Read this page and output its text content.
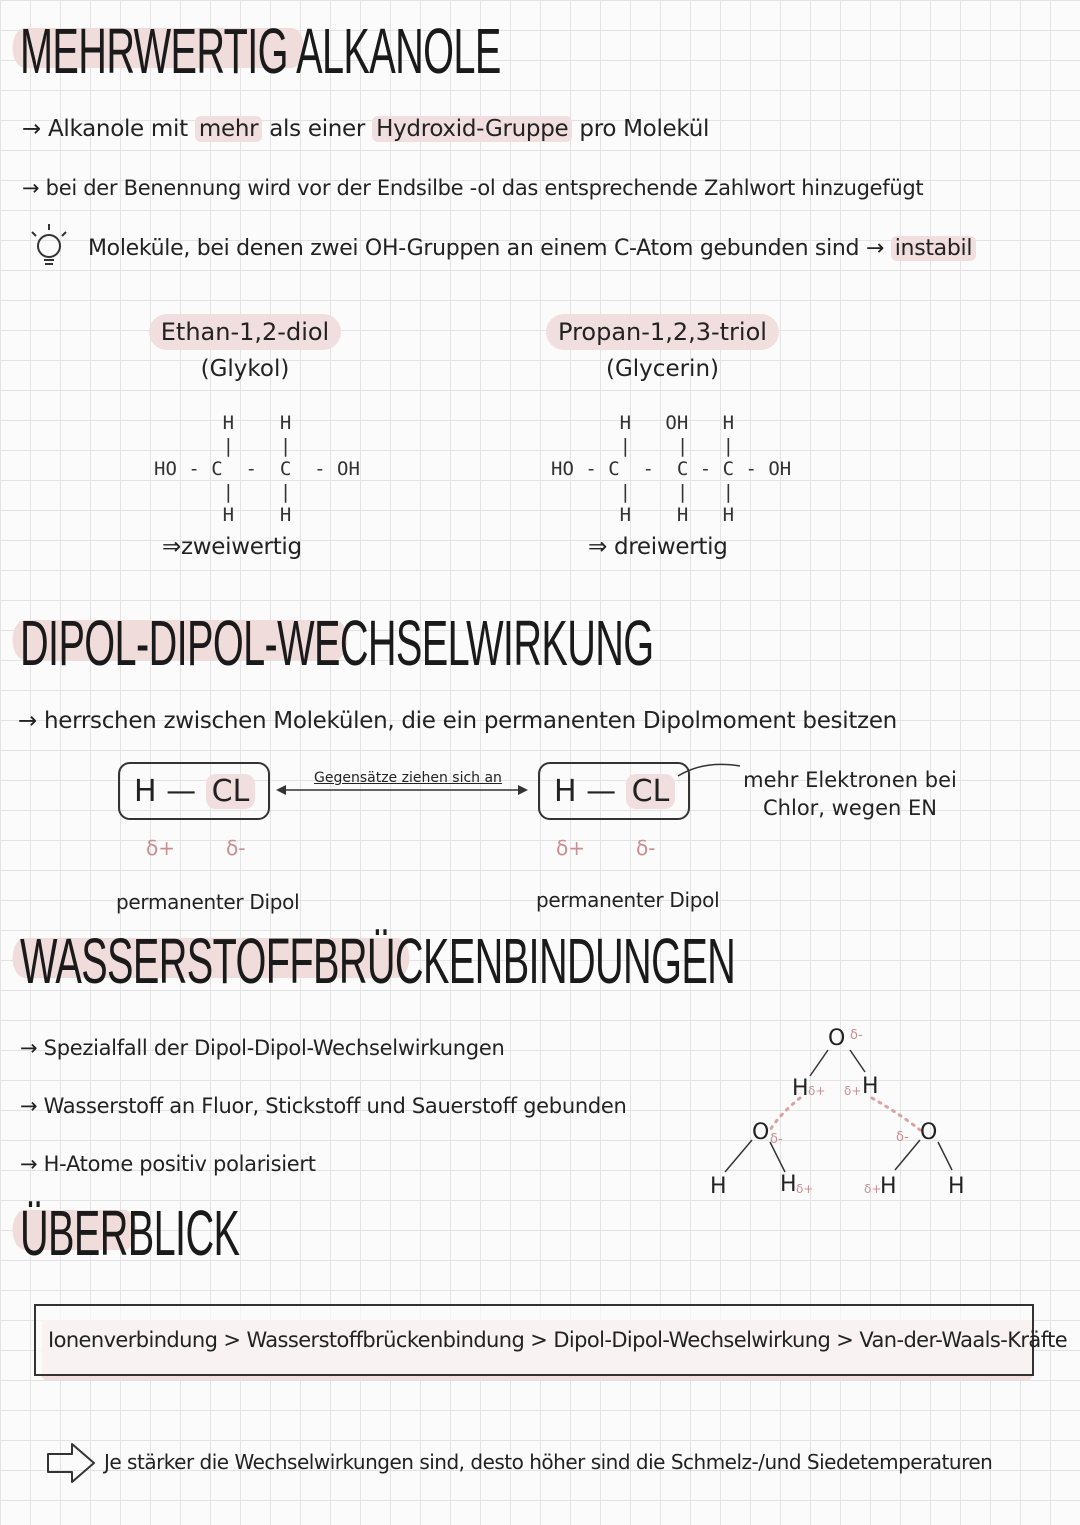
MEHRWERTIG ALKANOLE
→ Alkanole mit mehr als einer Hydroxid-Gruppe pro Molekül
→ bei der Benennung wird vor der Endsilbe -ol das entsprechende Zahlwort hinzugefügt
Moleküle, bei denen zwei OH-Gruppen an einem C-Atom gebunden sind → instabil
Ethan-1,2-diol
(Glykol)
H    H
|    |
HO - C  -  C  - OH
|    |
H    H
⇒zweiwertig
Propan-1,2,3-triol
(Glycerin)
H   OH   H
|    |   |
HO - C  -  C - C - OH
|    |   |
H    H   H
⇒ dreiwertig
DIPOL-DIPOL-WECHSELWIRKUNG
→ herrschen zwischen Molekülen, die ein permanenten Dipolmoment besitzen
H
—
CL
δ+	δ-
permanenter Dipol
Gegensätze ziehen sich an H
—
CL
δ+	δ-
permanenter Dipol
mehr Elektronen bei
Chlor, wegen EN
WASSERSTOFFBRÜCKENBINDUNGEN
→ Spezialfall der Dipol-Dipol-Wechselwirkungen
→ Wasserstoff an Fluor, Stickstoff und Sauerstoff gebunden
→ H-Atome positiv polarisiert
O δ-
H δ+ H
δ+
O δ-
H H δ+
O
δ-
H
δ+	H
ÜBERBLICK
Ionenverbindung > Wasserstoffbrückenbindung > Dipol-Dipol-Wechselwirkung > Van-der-Waals-Kräfte
Je stärker die Wechselwirkungen sind, desto höher sind die Schmelz-/und Siedetemperaturen
